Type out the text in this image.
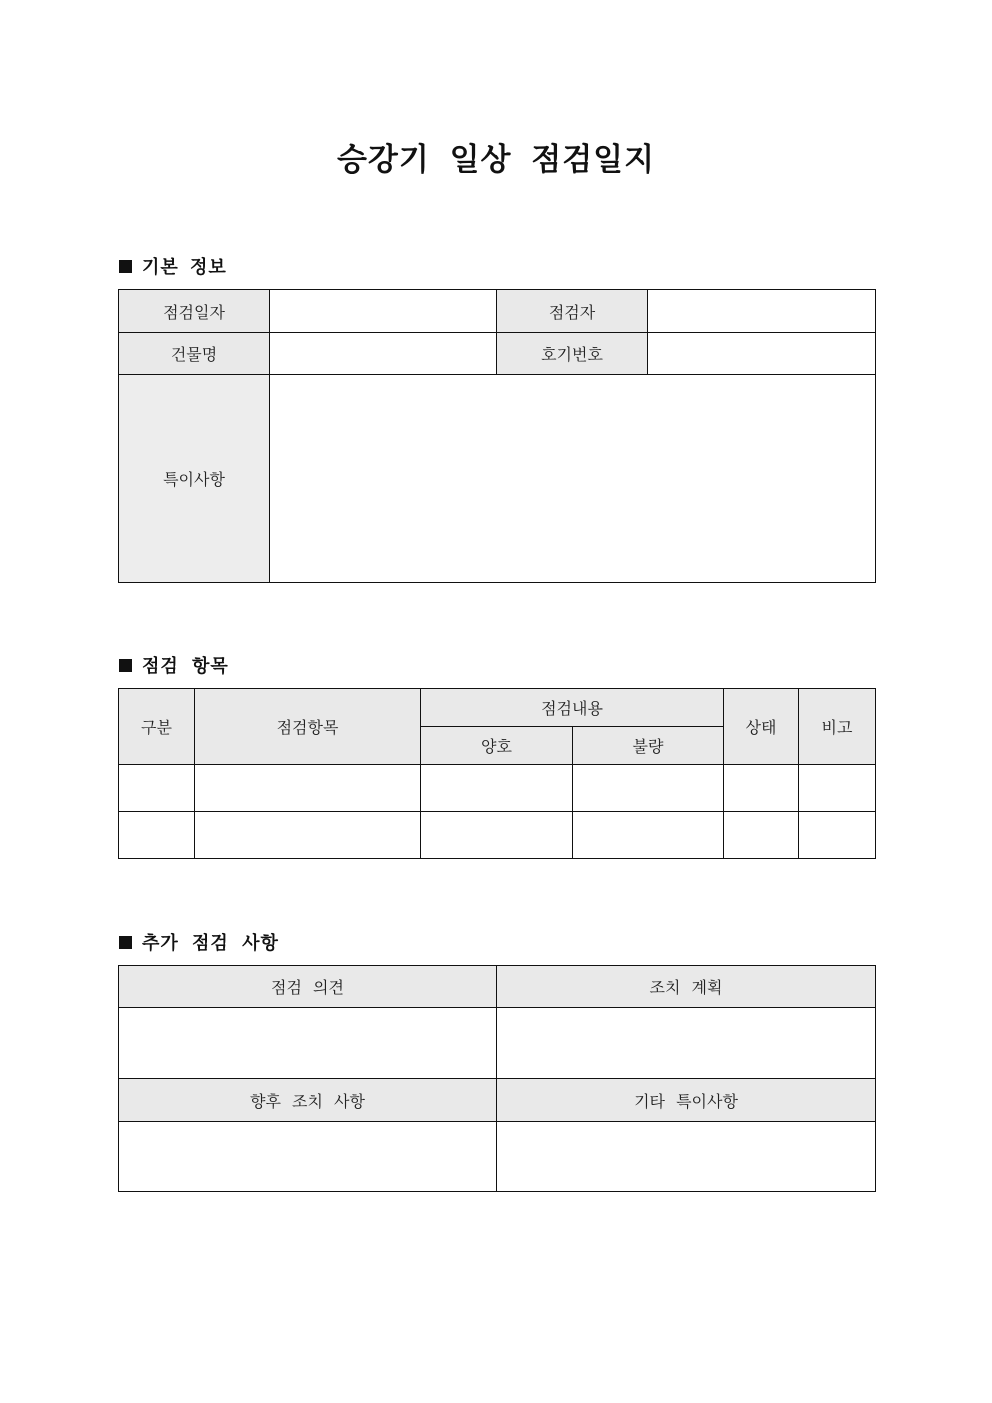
승강기 일상 점검일지
기본 정보
점검일자		점검자	
건물명		호기번호	
특이사항			
점검 항목
구분	점검항목	점검내용		상태	비고
		양호	불량		

추가 점검 사항
점검 의견	조치 계획

향후 조치 사항	기타 특이사항
